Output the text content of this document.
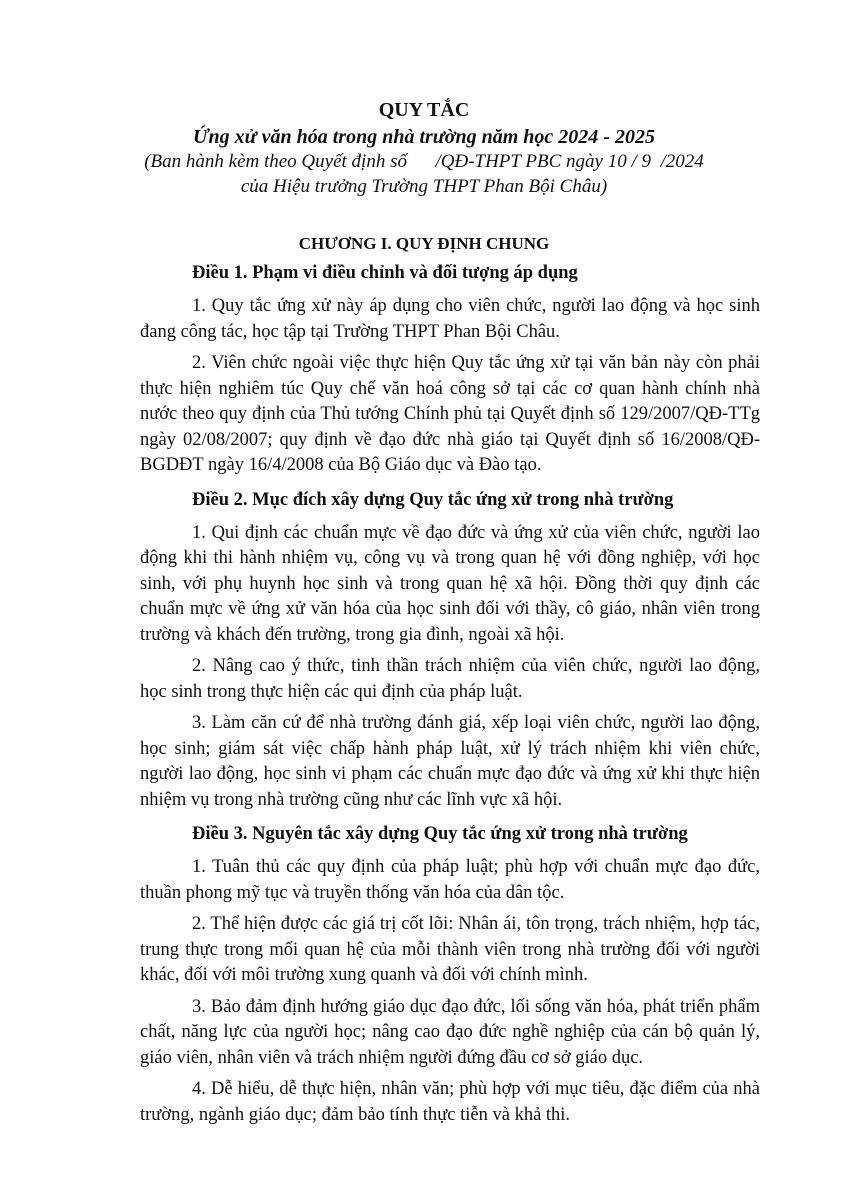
QUY TẮC
Ứng xử văn hóa trong nhà trường năm học 2024 - 2025
(Ban hành kèm theo Quyết định số      /QĐ-THPT PBC ngày 10 / 9  /2024
của Hiệu trưởng Trường THPT Phan Bội Châu)
CHƯƠNG I. QUY ĐỊNH CHUNG
Điều 1. Phạm vi điều chỉnh và đối tượng áp dụng

1. Quy tắc ứng xử này áp dụng cho viên chức, người lao động và học sinh đang công tác, học tập tại Trường THPT Phan Bội Châu.

2. Viên chức ngoài việc thực hiện Quy tắc ứng xử tại văn bản này còn phải thực hiện nghiêm túc Quy chế văn hoá công sở tại các cơ quan hành chính nhà nước theo quy định của Thủ tướng Chính phủ tại Quyết định số 129/2007/QĐ-TTg ngày 02/08/2007; quy định về đạo đức nhà giáo tại Quyết định số 16/2008/QĐ-BGDĐT ngày 16/4/2008 của Bộ Giáo dục và Đào tạo.

Điều 2. Mục đích xây dựng Quy tắc ứng xử trong nhà trường

1. Qui định các chuẩn mực về đạo đức và ứng xử của viên chức, người lao động khi thi hành nhiệm vụ, công vụ và trong quan hệ với đồng nghiệp, với học sinh, với phụ huynh học sinh và trong quan hệ xã hội. Đồng thời quy định các chuẩn mực về ứng xử văn hóa của học sinh đối với thầy, cô giáo, nhân viên trong trường và khách đến trường, trong gia đình, ngoài xã hội.

2. Nâng cao ý thức, tinh thần trách nhiệm của viên chức, người lao động, học sinh trong thực hiện các qui định của pháp luật.

3. Làm căn cứ để nhà trường đánh giá, xếp loại viên chức, người lao động, học sinh; giám sát việc chấp hành pháp luật, xử lý trách nhiệm khi viên chức, người lao động, học sinh vi phạm các chuẩn mực đạo đức và ứng xử khi thực hiện nhiệm vụ trong nhà trường cũng như các lĩnh vực xã hội.

Điều 3. Nguyên tắc xây dựng Quy tắc ứng xử trong nhà trường

1. Tuân thủ các quy định của pháp luật; phù hợp với chuẩn mực đạo đức, thuần phong mỹ tục và truyền thống văn hóa của dân tộc.

2. Thể hiện được các giá trị cốt lõi: Nhân ái, tôn trọng, trách nhiệm, hợp tác, trung thực trong mối quan hệ của mỗi thành viên trong nhà trường đối với người khác, đối với môi trường xung quanh và đối với chính mình.

3. Bảo đảm định hướng giáo dục đạo đức, lối sống văn hóa, phát triển phẩm chất, năng lực của người học; nâng cao đạo đức nghề nghiệp của cán bộ quản lý, giáo viên, nhân viên và trách nhiệm người đứng đầu cơ sở giáo dục.

4. Dễ hiểu, dễ thực hiện, nhân văn; phù hợp với mục tiêu, đặc điểm của nhà trường, ngành giáo dục; đảm bảo tính thực tiễn và khả thi.
